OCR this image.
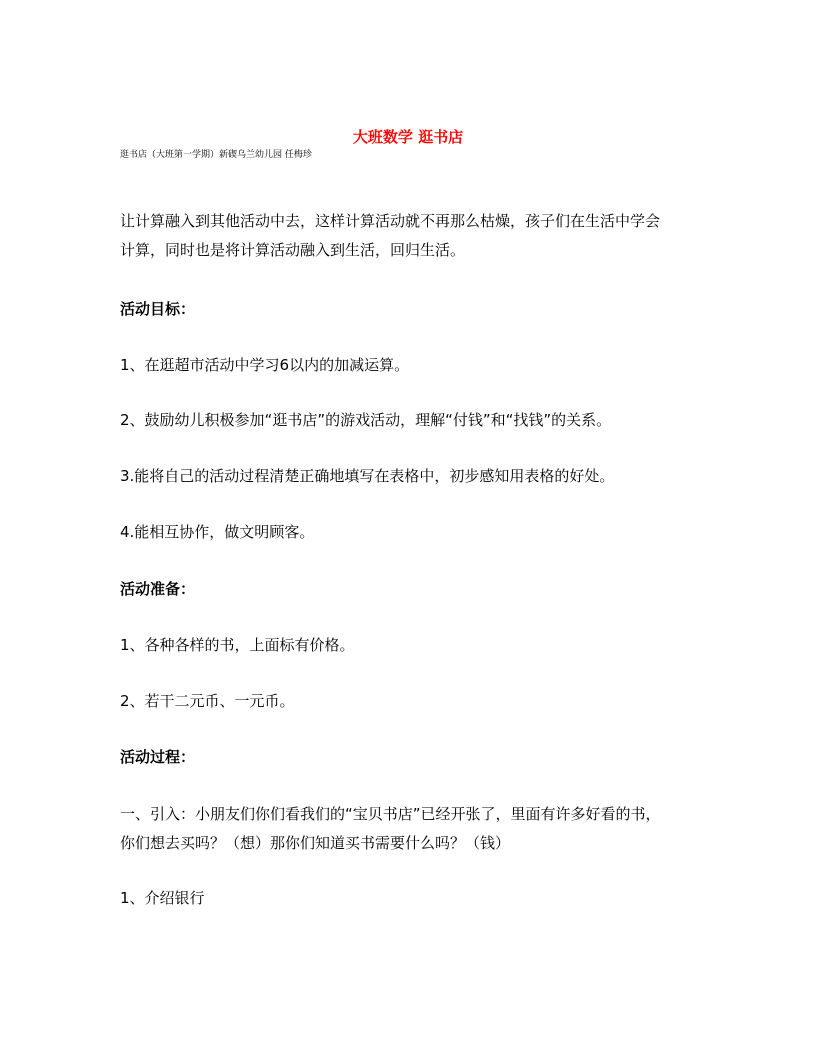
大班数学 逛书店
逛书店（大班第一学期）新碶乌兰幼儿园 任梅珍
让计算融入到其他活动中去，这样计算活动就不再那么枯燥，孩子们在生活中学会
计算，同时也是将计算活动融入到生活，回归生活。
活动目标：
1、在逛超市活动中学习6以内的加减运算。
2、鼓励幼儿积极参加“逛书店”的游戏活动，理解“付钱”和“找钱”的关系。
3.能将自己的活动过程清楚正确地填写在表格中，初步感知用表格的好处。
4.能相互协作，做文明顾客。
活动准备：
1、各种各样的书，上面标有价格。
2、若干二元币、一元币。
活动过程：
一、引入：小朋友们你们看我们的“宝贝书店”已经开张了，里面有许多好看的书，
你们想去买吗？（想）那你们知道买书需要什么吗？（钱）
1、介绍银行
